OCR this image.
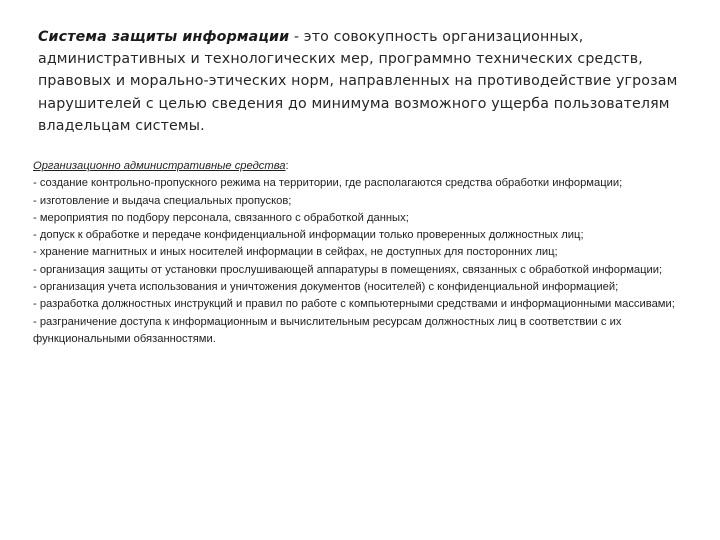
Система защиты информации - это совокупность организационных, административных и технологических мер, программно технических средств, правовых и морально-этических норм, направленных на противодействие угрозам нарушителей с целью сведения до минимума возможного ущерба пользователям владельцам системы.

Организационно административные средства:
- создание контрольно-пропускного режима на территории, где располагаются средства обработки информации;
- изготовление и выдача специальных пропусков;
- мероприятия по подбору персонала, связанного с обработкой данных;
- допуск к обработке и передаче конфиденциальной информации только проверенных должностных лиц;
- хранение магнитных и иных носителей информации в сейфах, не доступных для посторонних лиц;
- организация защиты от установки прослушивающей аппаратуры в помещениях, связанных с обработкой информации;
- организация учета использования и уничтожения документов (носителей) с конфиденциальной информацией;
- разработка должностных инструкций и правил по работе с компьютерными средствами и информационными массивами;
- разграничение доступа к информационным и вычислительным ресурсам должностных лиц в соответствии с их функциональными обязанностями.
